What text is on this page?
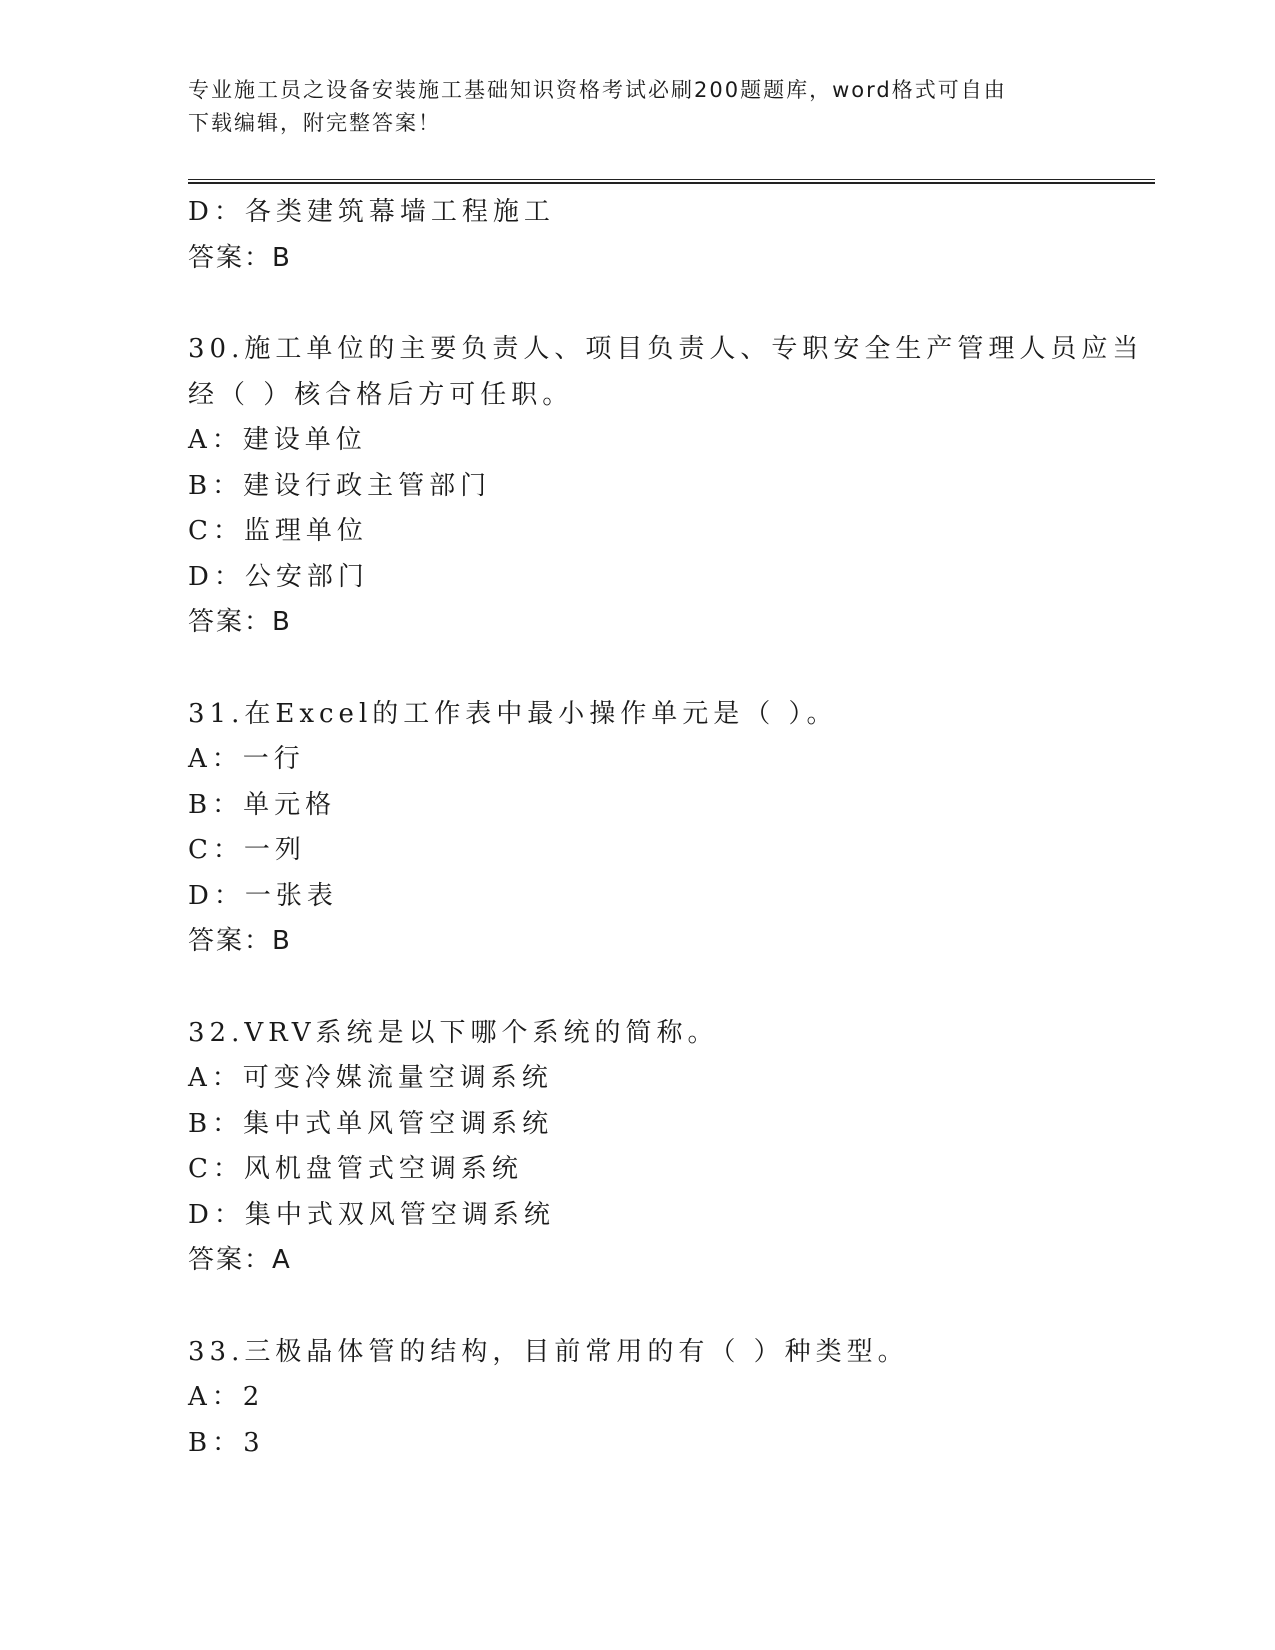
专业施工员之设备安装施工基础知识资格考试必刷200题题库，word格式可自由
下载编辑，附完整答案！
D：各类建筑幕墙工程施工
答案：B
30.施工单位的主要负责人、项目负责人、专职安全生产管理人员应当
经（ ）核合格后方可任职。
A：建设单位
B：建设行政主管部门
C：监理单位
D：公安部门
答案：B
31.在Excel的工作表中最小操作单元是（ ）。
A：一行
B：单元格
C：一列
D：一张表
答案：B
32.VRV系统是以下哪个系统的简称。
A：可变冷媒流量空调系统
B：集中式单风管空调系统
C：风机盘管式空调系统
D：集中式双风管空调系统
答案：A
33.三极晶体管的结构，目前常用的有（ ）种类型。
A：2
B：3
